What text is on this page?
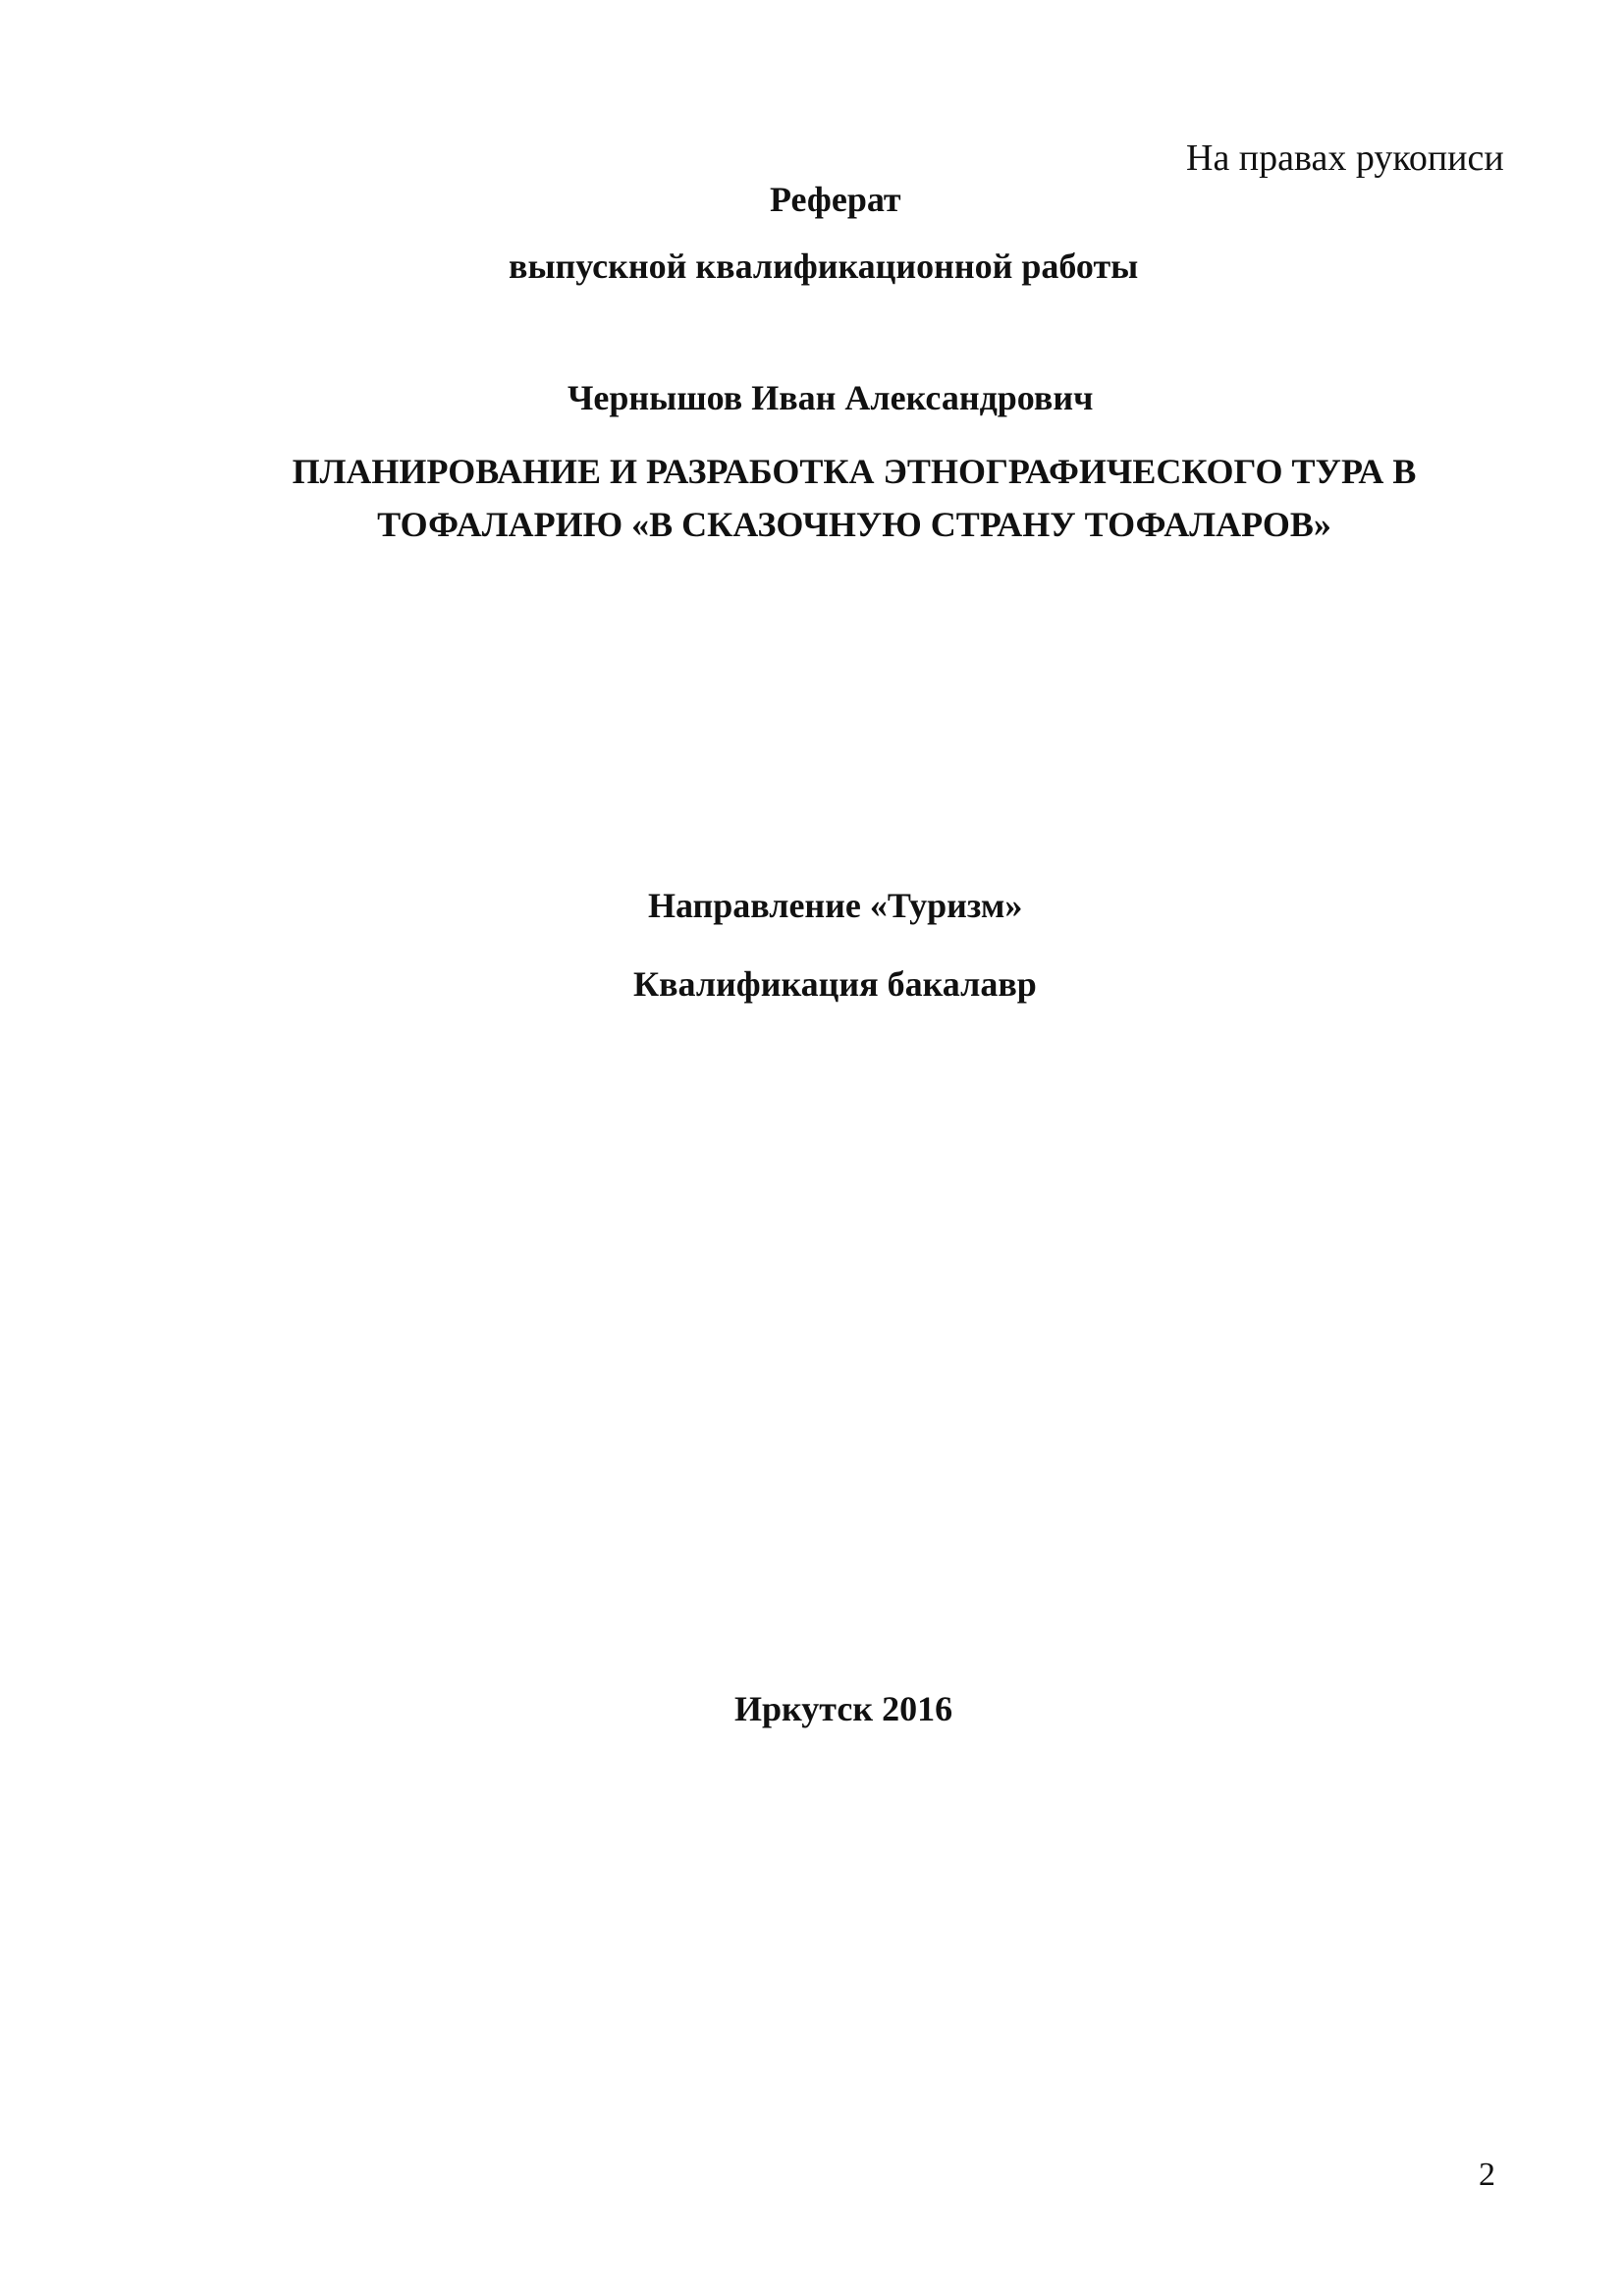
На правах рукописи
Реферат
выпускной квалификационной работы
Чернышов Иван Александрович
ПЛАНИРОВАНИЕ И РАЗРАБОТКА ЭТНОГРАФИЧЕСКОГО ТУРА В
ТОФАЛАРИЮ «В СКАЗОЧНУЮ СТРАНУ ТОФАЛАРОВ»
Направление «Туризм»
Квалификация бакалавр
Иркутск 2016
2
